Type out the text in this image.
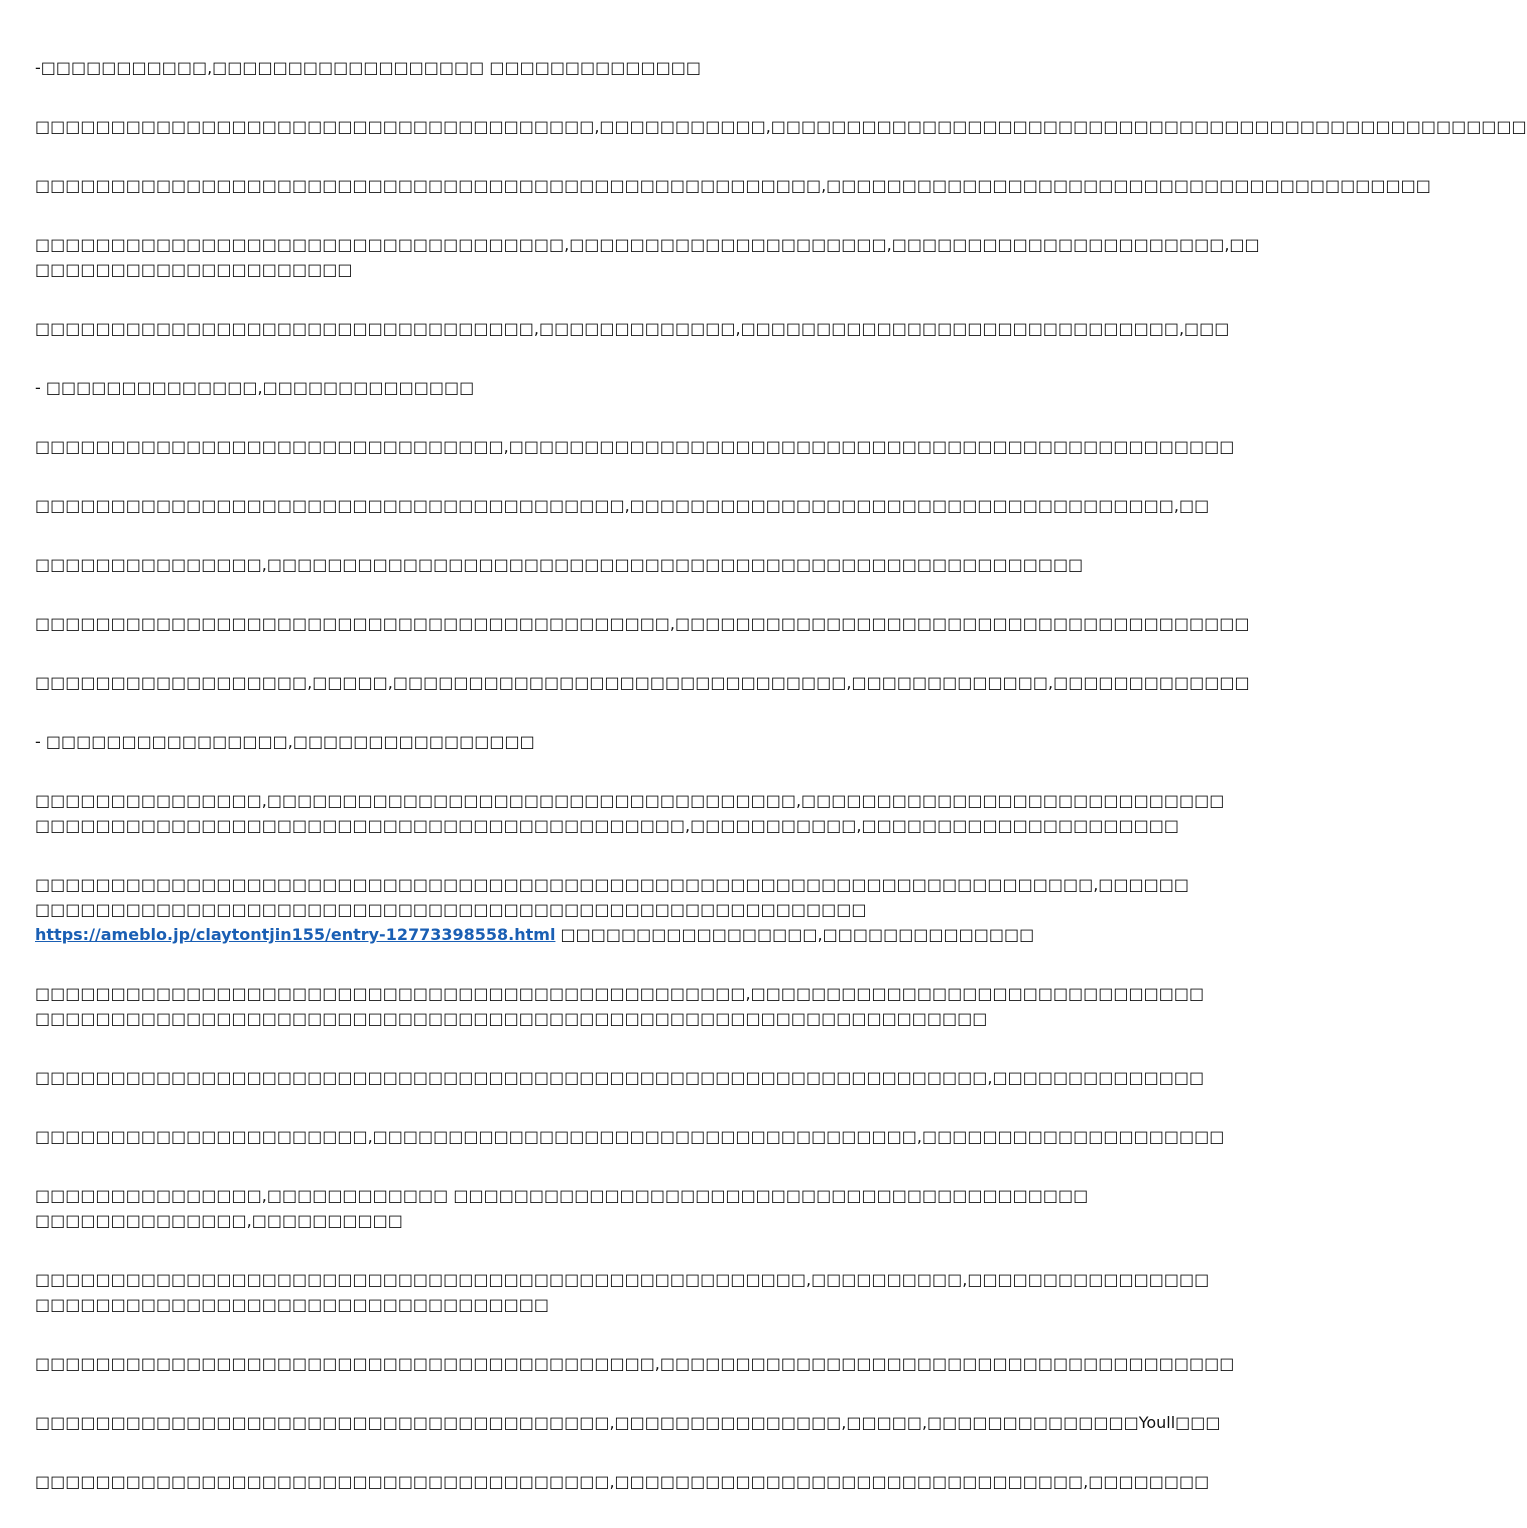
-□□□□□□□□□□□,□□□□□□□□□□□□□□□□□□ □□□□□□□□□□□□□□
□□□□□□□□□□□□□□□□□□□□□□□□□□□□□□□□□□□□□,□□□□□□□□□□□,□□□□□□□□□□□□□□□□□□□□□□□□□□□□□□□□□□□□□□□□□□□□□□□□□□
□□□□□□□□□□□□□□□□□□□□□□□□□□□□□□□□□□□□□□□□□□□□□□□□□□□□,□□□□□□□□□□□□□□□□□□□□□□□□□□□□□□□□□□□□□□□□
□□□□□□□□□□□□□□□□□□□□□□□□□□□□□□□□□□□,□□□□□□□□□□□□□□□□□□□□□,□□□□□□□□□□□□□□□□□□□□□□,□□
□□□□□□□□□□□□□□□□□□□□□
□□□□□□□□□□□□□□□□□□□□□□□□□□□□□□□□□,□□□□□□□□□□□□□,□□□□□□□□□□□□□□□□□□□□□□□□□□□□□,□□□
- □□□□□□□□□□□□□□,□□□□□□□□□□□□□□
□□□□□□□□□□□□□□□□□□□□□□□□□□□□□□□,□□□□□□□□□□□□□□□□□□□□□□□□□□□□□□□□□□□□□□□□□□□□□□□□
□□□□□□□□□□□□□□□□□□□□□□□□□□□□□□□□□□□□□□□,□□□□□□□□□□□□□□□□□□□□□□□□□□□□□□□□□□□□,□□
□□□□□□□□□□□□□□□,□□□□□□□□□□□□□□□□□□□□□□□□□□□□□□□□□□□□□□□□□□□□□□□□□□□□□□
□□□□□□□□□□□□□□□□□□□□□□□□□□□□□□□□□□□□□□□□□□,□□□□□□□□□□□□□□□□□□□□□□□□□□□□□□□□□□□□□□
□□□□□□□□□□□□□□□□□□,□□□□□,□□□□□□□□□□□□□□□□□□□□□□□□□□□□□□,□□□□□□□□□□□□□,□□□□□□□□□□□□□
- □□□□□□□□□□□□□□□□,□□□□□□□□□□□□□□□□
□□□□□□□□□□□□□□□,□□□□□□□□□□□□□□□□□□□□□□□□□□□□□□□□□□□,□□□□□□□□□□□□□□□□□□□□□□□□□□□□
□□□□□□□□□□□□□□□□□□□□□□□□□□□□□□□□□□□□□□□□□□□,□□□□□□□□□□□,□□□□□□□□□□□□□□□□□□□□□
□□□□□□□□□□□□□□□□□□□□□□□□□□□□□□□□□□□□□□□□□□□□□□□□□□□□□□□□□□□□□□□□□□□□□□,□□□□□□
□□□□□□□□□□□□□□□□□□□□□□□□□□□□□□□□□□□□□□□□□□□□□□□□□□□□□□□
https://ameblo.jp/claytontjin155/entry-12773398558.html □□□□□□□□□□□□□□□□□,□□□□□□□□□□□□□□
□□□□□□□□□□□□□□□□□□□□□□□□□□□□□□□□□□□□□□□□□□□□□□□,□□□□□□□□□□□□□□□□□□□□□□□□□□□□□□
□□□□□□□□□□□□□□□□□□□□□□□□□□□□□□□□□□□□□□□□□□□□□□□□□□□□□□□□□□□□□□□
□□□□□□□□□□□□□□□□□□□□□□□□□□□□□□□□□□□□□□□□□□□□□□□□□□□□□□□□□□□□□□□,□□□□□□□□□□□□□□
□□□□□□□□□□□□□□□□□□□□□□,□□□□□□□□□□□□□□□□□□□□□□□□□□□□□□□□□□□□,□□□□□□□□□□□□□□□□□□□□
□□□□□□□□□□□□□□□,□□□□□□□□□□□□ □□□□□□□□□□□□□□□□□□□□□□□□□□□□□□□□□□□□□□□□□□
□□□□□□□□□□□□□□,□□□□□□□□□□
□□□□□□□□□□□□□□□□□□□□□□□□□□□□□□□□□□□□□□□□□□□□□□□□□□□,□□□□□□□□□□,□□□□□□□□□□□□□□□□
□□□□□□□□□□□□□□□□□□□□□□□□□□□□□□□□□□
□□□□□□□□□□□□□□□□□□□□□□□□□□□□□□□□□□□□□□□□□,□□□□□□□□□□□□□□□□□□□□□□□□□□□□□□□□□□□□□□
□□□□□□□□□□□□□□□□□□□□□□□□□□□□□□□□□□□□□□,□□□□□□□□□□□□□□□,□□□□□,□□□□□□□□□□□□□□Youll□□□
□□□□□□□□□□□□□□□□□□□□□□□□□□□□□□□□□□□□□□,□□□□□□□□□□□□□□□□□□□□□□□□□□□□□□□,□□□□□□□□
